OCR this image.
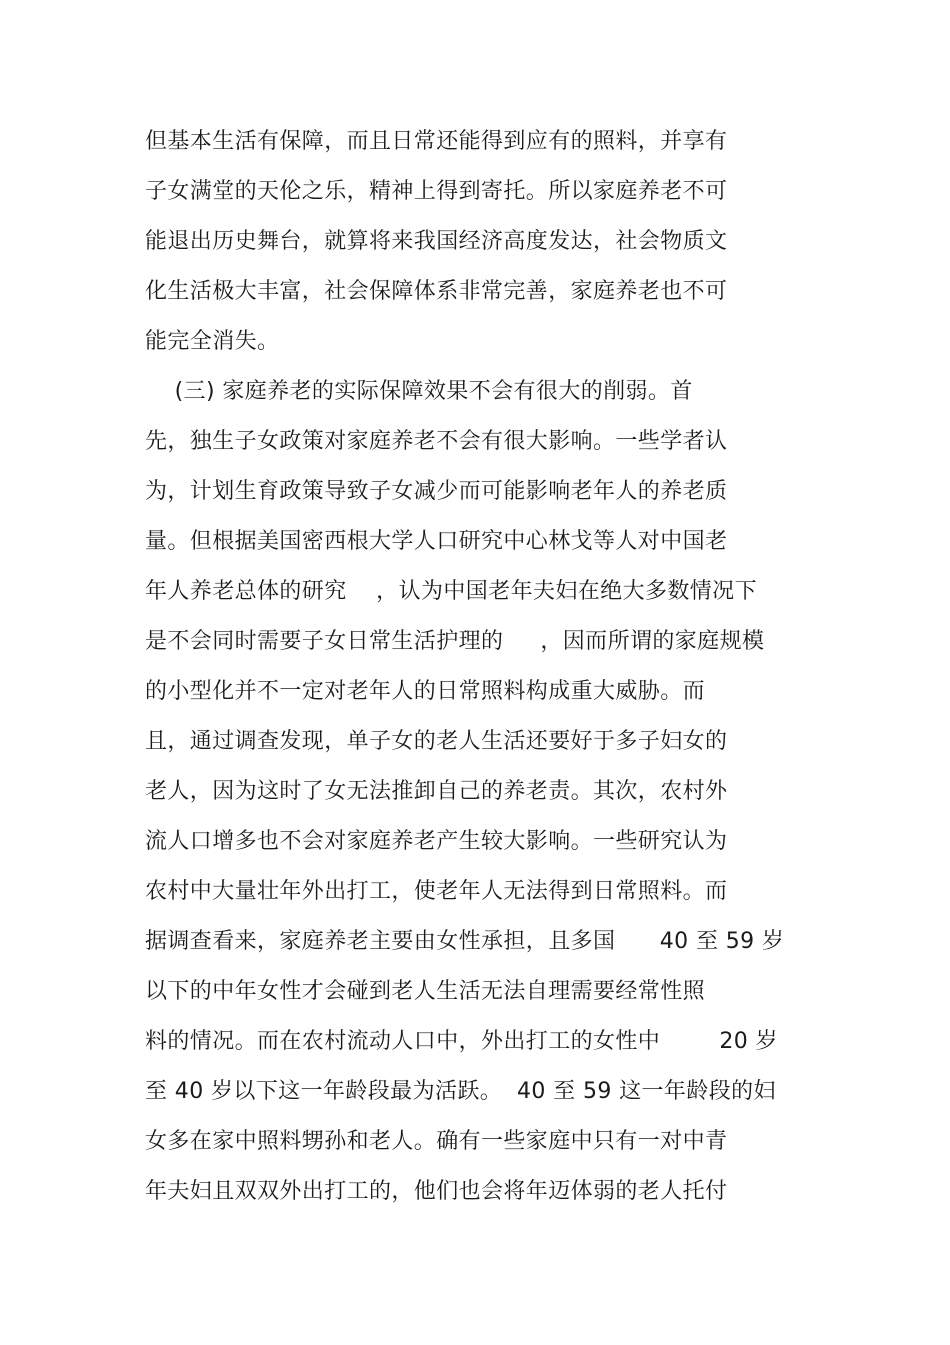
但基本生活有保障，而且日常还能得到应有的照料，并享有
子女满堂的天伦之乐，精神上得到寄托。所以家庭养老不可
能退出历史舞台，就算将来我国经济高度发达，社会物质文
化生活极大丰富，社会保障体系非常完善，家庭养老也不可
能完全消失。
(三) 家庭养老的实际保障效果不会有很大的削弱。首
先，独生子女政策对家庭养老不会有很大影响。一些学者认
为，计划生育政策导致子女减少而可能影响老年人的养老质
量。但根据美国密西根大学人口研究中心林戈等人对中国老
年人养老总体的研究    ，认为中国老年夫妇在绝大多数情况下
是不会同时需要子女日常生活护理的     ，因而所谓的家庭规模
的小型化并不一定对老年人的日常照料构成重大威胁。而
且，通过调查发现，单子女的老人生活还要好于多子妇女的
老人，因为这时了女无法推卸自己的养老责。其次，农村外
流人口增多也不会对家庭养老产生较大影响。一些研究认为
农村中大量壮年外出打工，使老年人无法得到日常照料。而
据调查看来，家庭养老主要由女性承担，且多国      40 至 59 岁
以下的中年女性才会碰到老人生活无法自理需要经常性照
料的情况。而在农村流动人口中，外出打工的女性中        20 岁
至 40 岁以下这一年龄段最为活跃。  40 至 59 这一年龄段的妇
女多在家中照料甥孙和老人。确有一些家庭中只有一对中青
年夫妇且双双外出打工的，他们也会将年迈体弱的老人托付
